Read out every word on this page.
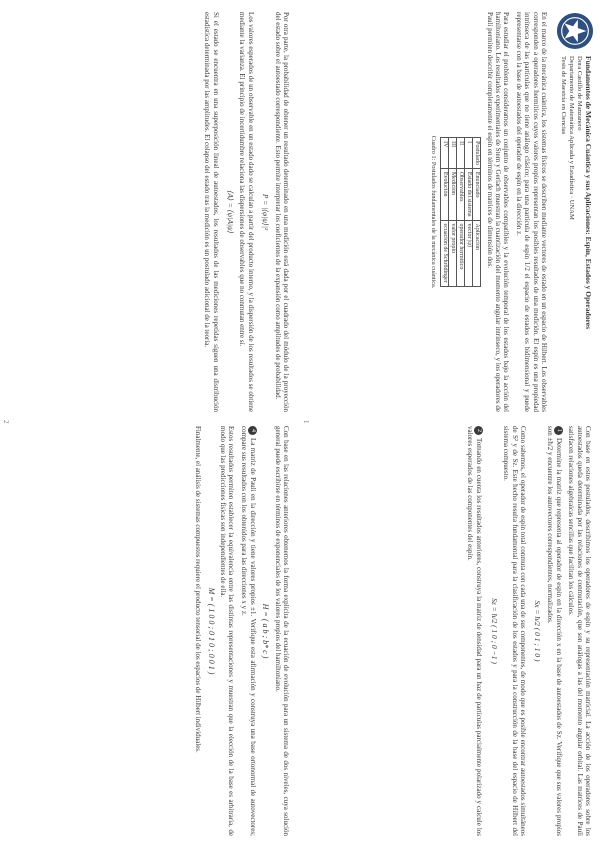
Fundamentos de Mecánica Cuántica y sus Aplicaciones: Espín, Estados y Operadores
Dora Castillo de Manzanero
Departamento de Matemática Aplicada y Estadística · UNAM
Tesis de Maestría en Ciencias

En el marco de la mecánica cuántica, los sistemas físicos se describen mediante vectores de estado en un espacio de Hilbert. Los observables corresponden a operadores hermíticos cuyos valores propios representan los posibles resultados de una medición. El espín es una propiedad intrínseca de las partículas que no tiene análogo clásico; para una partícula de espín 1/2 el espacio de estados es bidimensional y puede representarse con la base de autoestados del operador de espín en la dirección z.

Para estudiar el problema consideramos un conjunto de observables compatibles y la evolución temporal de los estados bajo la acción del hamiltoniano. Los resultados experimentales de Stern y Gerlach muestran la cuantización del momento angular intrínseco, y los operadores de Pauli permiten describir completamente el espín en términos de matrices de dimensión dos.

Postulado	Enunciado	Aplicación
I	Estado del sistema	vector |ψ⟩
II	Observables	operador hermítico
III	Medición	valor propio
IV	Evolución	ecuación de Schrödinger
Cuadro 1: Postulados fundamentales de la mecánica cuántica.

Con base en estos postulados, describimos los operadores de espín y su representación matricial. La acción de los operadores sobre los autoestados queda determinada por las relaciones de conmutación, que son análogas a las del momento angular orbital. Las matrices de Pauli satisfacen relaciones algebraicas sencillas que facilitan los cálculos.

1Determine la matriz que representa al operador de espín en la dirección x en la base de autoestados de Sz. Verifique que sus valores propios son ±ħ/2 y encuentre los autovectores correspondientes, normalizados.

Sx = ħ/2 ( 0 1 ; 1 0 )

Como sabemos, el operador de espín total conmuta con cada una de sus componentes, de modo que es posible encontrar autoestados simultáneos de S² y de Sz. Este hecho resulta fundamental para la clasificación de los estados y para la construcción de la base del espacio de Hilbert del sistema compuesto.

Sz = ħ/2 ( 1 0 ; 0 −1 )

2Tomando en cuenta los resultados anteriores, construya la matriz de densidad para un haz de partículas parcialmente polarizado y calcule los valores esperados de las componentes del espín.

1

Por otra parte, la probabilidad de obtener un resultado determinado en una medición está dada por el cuadrado del módulo de la proyección del estado sobre el autoestado correspondiente. Esto permite interpretar los coeficientes de la expansión como amplitudes de probabilidad.

P = |⟨φ|ψ⟩|²

Los valores esperados de un observable en un estado dado se calculan a partir del producto interno, y la dispersión de los resultados se obtiene mediante la varianza. El principio de incertidumbre relaciona las dispersiones de observables que no conmutan entre sí.

⟨A⟩ = ⟨ψ|A|ψ⟩

Si el estado se encuentra en una superposición lineal de autoestados, los resultados de las mediciones repetidas siguen una distribución estadística determinada por las amplitudes. El colapso del estado tras la medición es un postulado adicional de la teoría.

Con base en las relaciones anteriores obtenemos la forma explícita de la ecuación de evolución para un sistema de dos niveles, cuya solución general puede escribirse en términos de exponenciales de los valores propios del hamiltoniano.

H = ( a b ; b* c )

4La matriz de Pauli en la dirección y tiene valores propios ±1. Verifique esta afirmación y construya una base ortonormal de autovectores; compare sus resultados con los obtenidos para las direcciones x y z.

Estos resultados permiten establecer la equivalencia entre las distintas representaciones y muestran que la elección de la base es arbitraria, de modo que las predicciones físicas son independientes de ella.

M = ( 1 0 0 ; 0 1 0 ; 0 0 1 )

Finalmente, el análisis de sistemas compuestos requiere el producto tensorial de los espacios de Hilbert individuales.

2
